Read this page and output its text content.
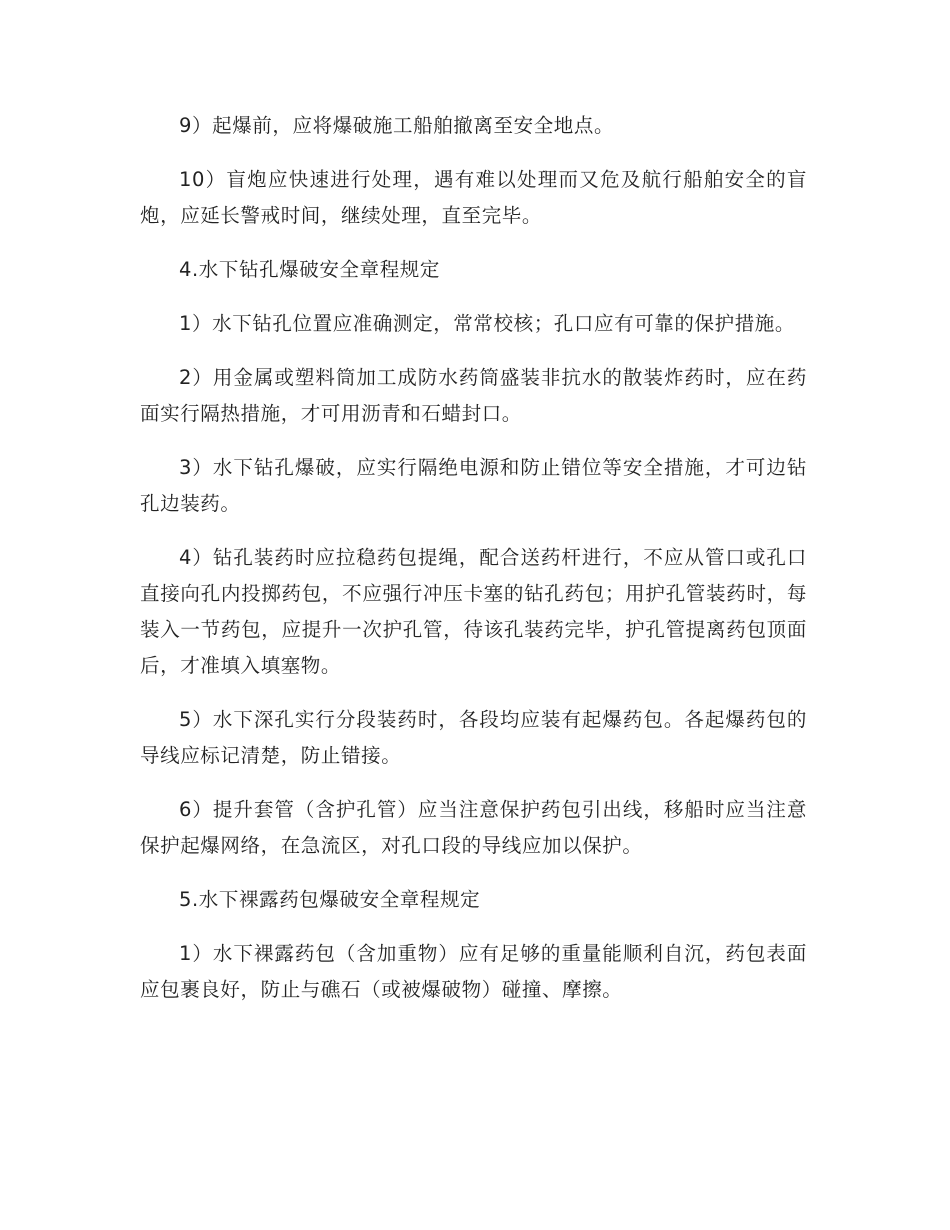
9）起爆前，应将爆破施工船舶撤离至安全地点。

10）盲炮应快速进行处理，遇有难以处理而又危及航行船舶安全的盲炮，应延长警戒时间，继续处理，直至完毕。

4.水下钻孔爆破安全章程规定

1）水下钻孔位置应准确测定，常常校核；孔口应有可靠的保护措施。

2）用金属或塑料筒加工成防水药筒盛装非抗水的散装炸药时，应在药面实行隔热措施，才可用沥青和石蜡封口。

3）水下钻孔爆破，应实行隔绝电源和防止错位等安全措施，才可边钻孔边装药。

4）钻孔装药时应拉稳药包提绳，配合送药杆进行，不应从管口或孔口直接向孔内投掷药包，不应强行冲压卡塞的钻孔药包；用护孔管装药时，每装入一节药包，应提升一次护孔管，待该孔装药完毕，护孔管提离药包顶面后，才准填入填塞物。

5）水下深孔实行分段装药时，各段均应装有起爆药包。各起爆药包的导线应标记清楚，防止错接。

6）提升套管（含护孔管）应当注意保护药包引出线，移船时应当注意保护起爆网络，在急流区，对孔口段的导线应加以保护。

5.水下裸露药包爆破安全章程规定

1）水下裸露药包（含加重物）应有足够的重量能顺利自沉，药包表面应包裹良好，防止与礁石（或被爆破物）碰撞、摩擦。
